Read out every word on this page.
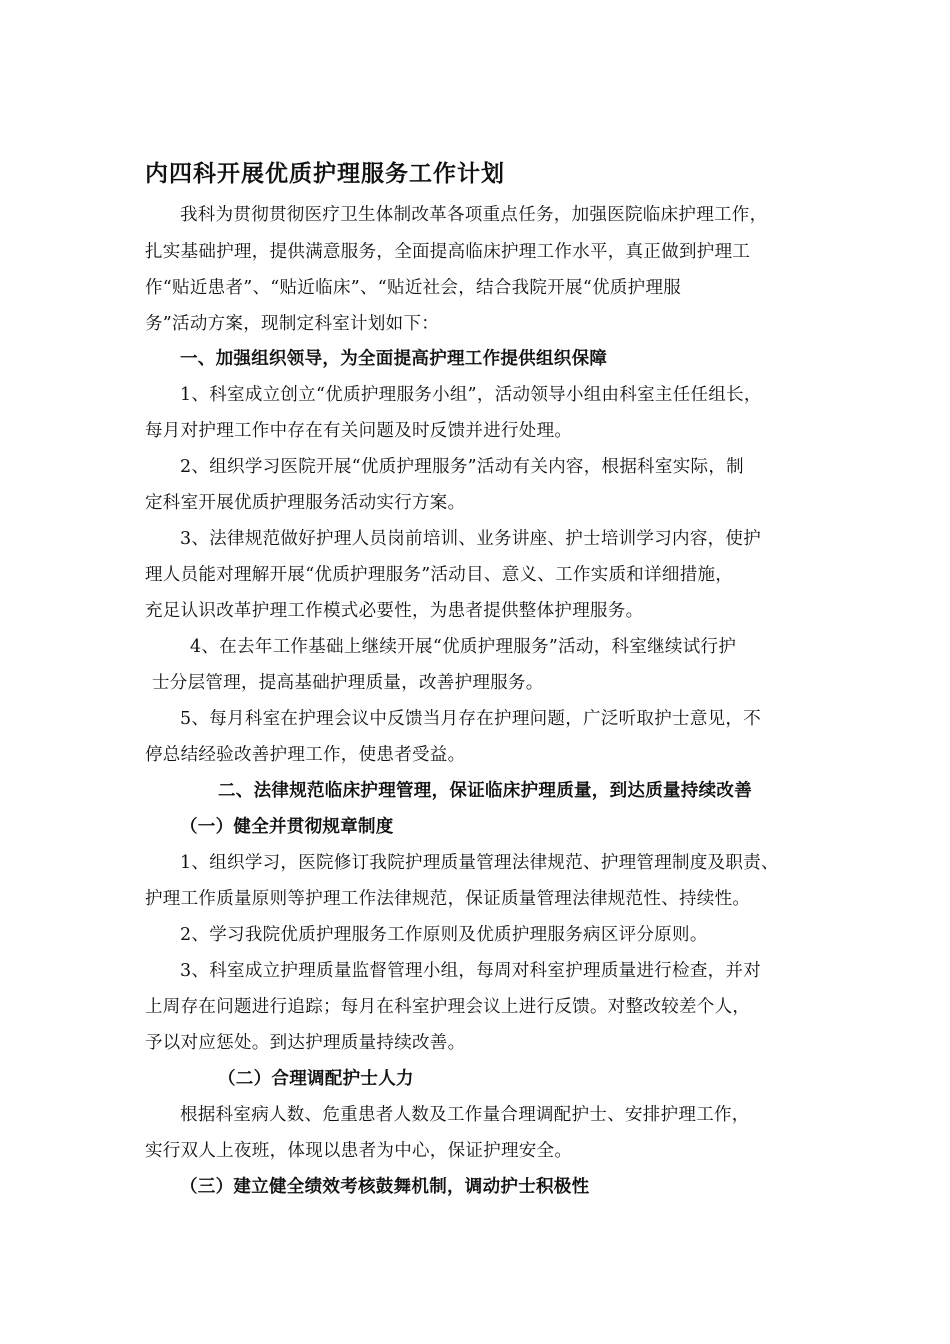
内四科开展优质护理服务工作计划
我科为贯彻贯彻医疗卫生体制改革各项重点任务，加强医院临床护理工作，
扎实基础护理，提供满意服务，全面提高临床护理工作水平，真正做到护理工
作“贴近患者”、“贴近临床”、“贴近社会，结合我院开展“优质护理服
务”活动方案，现制定科室计划如下：
一、加强组织领导，为全面提高护理工作提供组织保障
1、科室成立创立“优质护理服务小组”，活动领导小组由科室主任任组长，
每月对护理工作中存在有关问题及时反馈并进行处理。
2、组织学习医院开展“优质护理服务”活动有关内容，根据科室实际，制
定科室开展优质护理服务活动实行方案。
3、法律规范做好护理人员岗前培训、业务讲座、护士培训学习内容，使护
理人员能对理解开展“优质护理服务”活动目、意义、工作实质和详细措施，
充足认识改革护理工作模式必要性，为患者提供整体护理服务。
4、在去年工作基础上继续开展“优质护理服务”活动，科室继续试行护
士分层管理，提高基础护理质量，改善护理服务。
5、每月科室在护理会议中反馈当月存在护理问题，广泛听取护士意见，不
停总结经验改善护理工作，使患者受益。
二、法律规范临床护理管理，保证临床护理质量，到达质量持续改善
（一）健全并贯彻规章制度
1、组织学习，医院修订我院护理质量管理法律规范、护理管理制度及职责、
护理工作质量原则等护理工作法律规范，保证质量管理法律规范性、持续性。
2、学习我院优质护理服务工作原则及优质护理服务病区评分原则。
3、科室成立护理质量监督管理小组，每周对科室护理质量进行检查，并对
上周存在问题进行追踪；每月在科室护理会议上进行反馈。对整改较差个人，
予以对应惩处。到达护理质量持续改善。
（二）合理调配护士人力
根据科室病人数、危重患者人数及工作量合理调配护士、安排护理工作，
实行双人上夜班，体现以患者为中心，保证护理安全。
（三）建立健全绩效考核鼓舞机制，调动护士积极性
